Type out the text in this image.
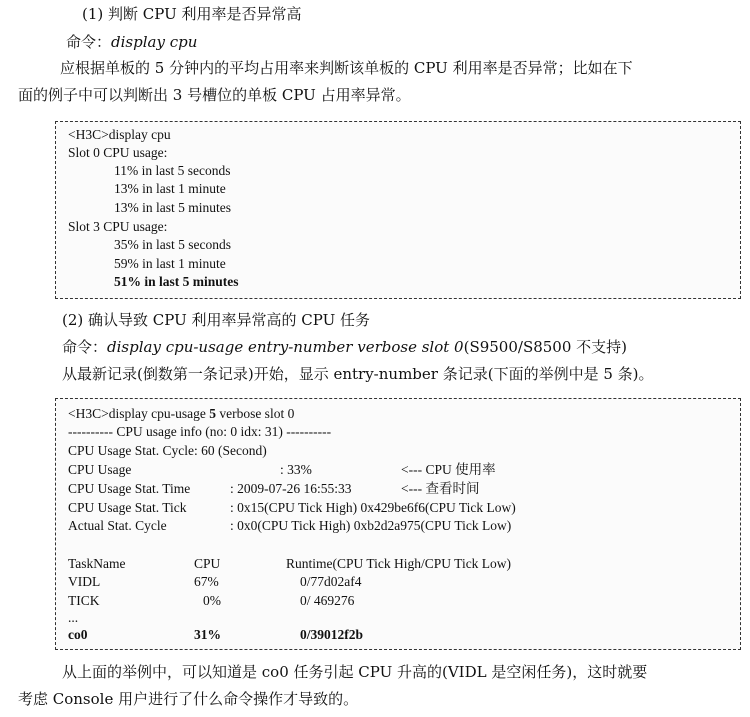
(1) 判断 CPU 利用率是否异常高
命令：display cpu
应根据单板的 5 分钟内的平均占用率来判断该单板的 CPU 利用率是否异常；比如在下
面的例子中可以判断出 3 号槽位的单板 CPU 占用率异常。
<H3C>display cpu
Slot 0 CPU usage:
11% in last 5 seconds
13% in last 1 minute
13% in last 5 minutes
Slot 3 CPU usage:
35% in last 5 seconds
59% in last 1 minute
51% in last 5 minutes
(2) 确认导致 CPU 利用率异常高的 CPU 任务
命令：display cpu-usage entry-number verbose slot 0(S9500/S8500 不支持)
从最新记录(倒数第一条记录)开始，显示 entry-number 条记录(下面的举例中是 5 条)。
<H3C>display cpu-usage 5 verbose slot 0
---------- CPU usage info (no: 0 idx: 31) ----------
CPU Usage Stat. Cycle: 60 (Second)
CPU Usage	: 33%	<--- CPU 使用率
CPU Usage Stat. Time	: 2009-07-26 16:55:33	<--- 查看时间
CPU Usage Stat. Tick	: 0x15(CPU Tick High) 0x429be6f6(CPU Tick Low)
Actual Stat. Cycle	: 0x0(CPU Tick High) 0xb2d2a975(CPU Tick Low)
TaskName	CPU	Runtime(CPU Tick High/CPU Tick Low)
VIDL	67%	0/77d02af4
TICK	0%	0/ 469276
...
co0	31%	0/39012f2b
从上面的举例中，可以知道是 co0 任务引起 CPU 升高的(VIDL 是空闲任务)，这时就要
考虑 Console 用户进行了什么命令操作才导致的。
